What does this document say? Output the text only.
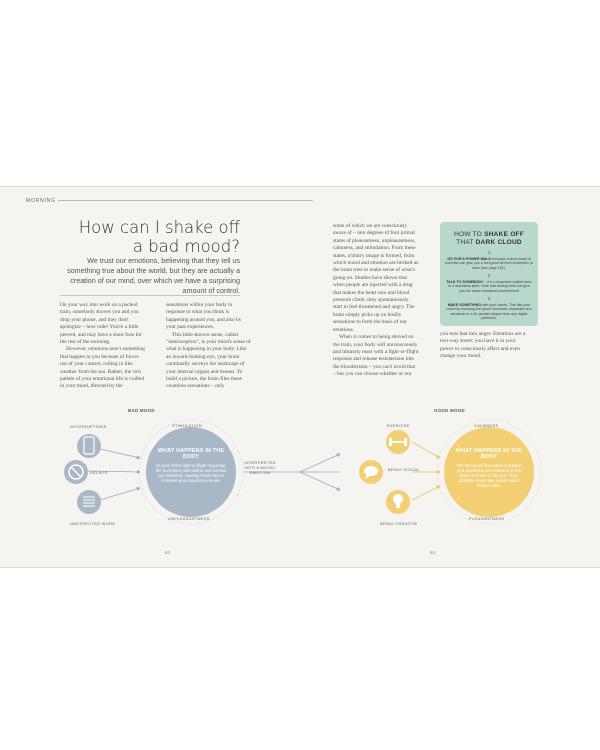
MORNING
How can I shake off a bad mood?
We trust our emotions, believing that they tell us something true about the world, but they are actually a creation of our mind, over which we have a surprising amount of control.

On your way into work on a packed train, somebody shoves you and you drop your phone, and they don't apologize – how rude! You're a little peeved, and may have a short fuse for the rest of the morning.

However, emotions aren't something that happen to you because of forces out of your control, roiling in like weather from the sea. Rather, the rich palette of your emotional life is crafted in your mind, directed by the

sensations within your body in response to what you think is happening around you, and also by your past experiences.

This little-known sense, called "interoception", is your mind's sense of what is happening in your body. Like an inward-looking eye, your brain continually surveys the landscape of your internal organs and tissues. To build a picture, the brain files these countless sensations – only

some of which we are consciously aware of – into degrees of four primal states of pleasantness, unpleasantness, calmness, and stimulation. From these states, a blurry image is formed, from which mood and emotion are birthed as the brain tries to make sense of what's going on. Studies have shown that when people are injected with a drug that makes the heart race and blood pressure climb, they spontaneously start to feel threatened and angry. The brain simply picks up on bodily sensations to form the basis of our emotions.

When it comes to being shoved on the train, your body will unconsciously and instantly react with a fight-or-flight response and release testosterone into the bloodstream – you can't avoid that – but you can choose whether or not

you turn that into anger. Emotions are a two-way street: you have it in your power to consciously affect and even change your mood.

HOW TO SHAKE OFF
THAT DARK CLOUD
1
GO FOR A POWER WALK because a short burst of exercise can give you a feel-good hit from endorphin (a does (see page 151).
2
TALK TO SOMEBODY – it's a dopamine-fuelled tonic to a downbeat spirit. Note that texting does not give you the same emotional nourishment!
3
MAKE SOMETHING with your hands. This lifts your mood by boosting feel-good hormones dopamine and serotonin to a far greater degree than any digital pastimes.
BAD MOOD	GOOD MOOD
INTERRUPTIONS
DELAYS
UNEXPECTED WORK
EXERCISE
BEING SOCIAL
BEING CREATIVE
STIMULATION
UNPLEASANTNESS
CALMNESS
PLEASANTNESS
INTERPRETED INTO A MOOD/ EMOTION
WHAT HAPPENS IN THE BODY
As part of the fight-or-flight response, the hormones adrenaline and cortisol are released, causing heart rate to increase and muscles to tense.
WHAT HAPPENS IN THE BODY
The feel-good hormones serotonin and dopamine are released in the brain and also in the gut. They stabilize heart rate, which helps induce calm.
62	63
